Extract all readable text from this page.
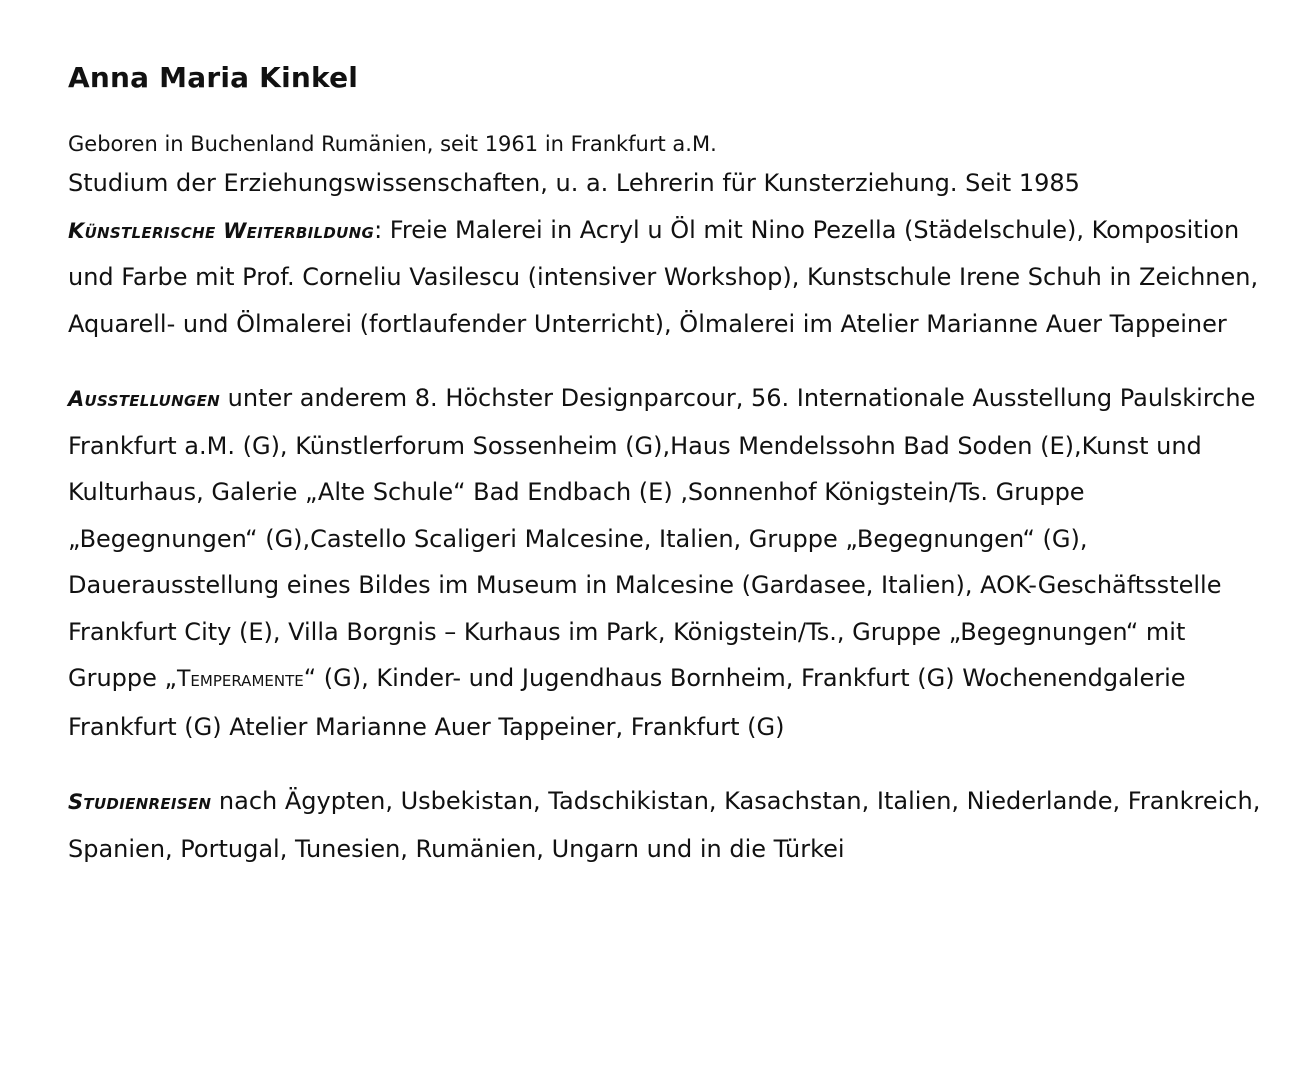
Anna Maria Kinkel
Geboren in Buchenland Rumänien, seit 1961 in Frankfurt a.M.

Studium der Erziehungswissenschaften, u. a. Lehrerin für Kunsterziehung. Seit 1985
Künstlerische Weiterbildung: Freie Malerei in Acryl u Öl mit Nino Pezella (Städelschule), Komposition und Farbe mit Prof. Corneliu Vasilescu (intensiver Workshop), Kunstschule Irene Schuh in Zeichnen, Aquarell- und Ölmalerei (fortlaufender Unterricht), Ölmalerei im Atelier Marianne Auer Tappeiner

Ausstellungen unter anderem 8. Höchster Designparcour, 56. Internationale Ausstellung Paulskirche Frankfurt a.M. (G), Künstlerforum Sossenheim (G),Haus Mendelssohn Bad Soden (E),Kunst und Kulturhaus, Galerie „Alte Schule“ Bad Endbach (E) ‚Sonnenhof Königstein/Ts. Gruppe „Begegnungen“ (G),Castello Scaligeri Malcesine, Italien, Gruppe „Begegnungen“ (G), Dauerausstellung eines Bildes im Museum in Malcesine (Gardasee, Italien), AOK-Geschäftsstelle Frankfurt City (E), Villa Borgnis – Kurhaus im Park, Königstein/Ts., Gruppe „Begegnungen“ mit Gruppe „Temperamente“ (G), Kinder- und Jugendhaus Bornheim, Frankfurt (G) Wochenendgalerie Frankfurt (G) Atelier Marianne Auer Tappeiner, Frankfurt (G)

Studienreisen nach Ägypten, Usbekistan, Tadschikistan, Kasachstan, Italien, Niederlande, Frankreich, Spanien, Portugal, Tunesien, Rumänien, Ungarn und in die Türkei
